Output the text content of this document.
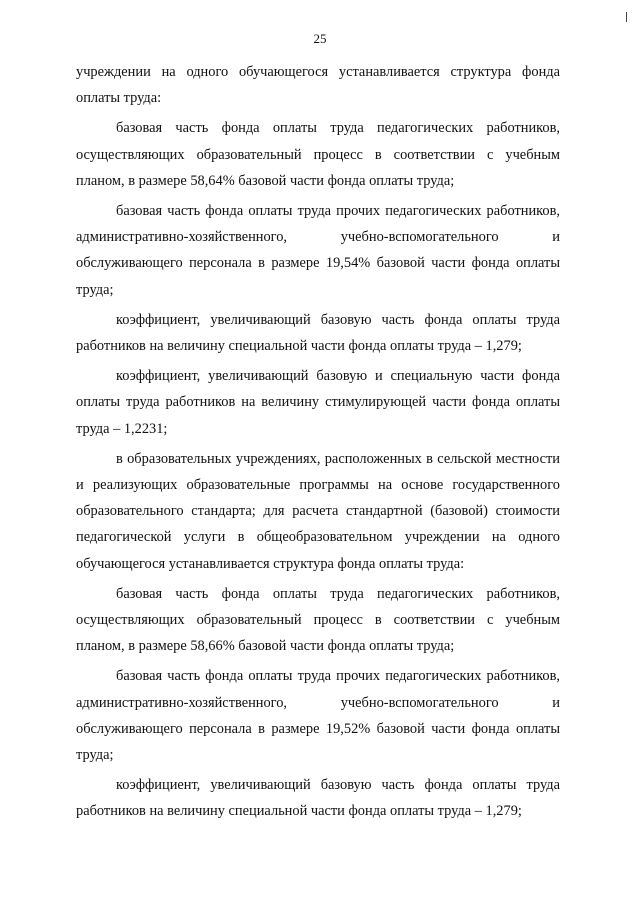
25

учреждении на одного обучающегося устанавливается структура фонда оплаты труда:

базовая часть фонда оплаты труда педагогических работников, осуществляющих образовательный процесс в соответствии с учебным планом, в размере 58,64% базовой части фонда оплаты труда;

базовая часть фонда оплаты труда прочих педагогических работников, административно-хозяйственного, учебно-вспомогательного и обслуживающего персонала в размере 19,54% базовой части фонда оплаты труда;

коэффициент, увеличивающий базовую часть фонда оплаты труда работников на величину специальной части фонда оплаты труда – 1,279;

коэффициент, увеличивающий базовую и специальную части фонда оплаты труда работников на величину стимулирующей части фонда оплаты труда – 1,2231;

в образовательных учреждениях, расположенных в сельской местности и реализующих образовательные программы на основе государственного образовательного стандарта; для расчета стандартной (базовой) стоимости педагогической услуги в общеобразовательном учреждении на одного обучающегося устанавливается структура фонда оплаты труда:

базовая часть фонда оплаты труда педагогических работников, осуществляющих образовательный процесс в соответствии с учебным планом, в размере 58,66% базовой части фонда оплаты труда;

базовая часть фонда оплаты труда прочих педагогических работников, административно-хозяйственного, учебно-вспомогательного и обслуживающего персонала в размере 19,52% базовой части фонда оплаты труда;

коэффициент, увеличивающий базовую часть фонда оплаты труда работников на величину специальной части фонда оплаты труда – 1,279;
